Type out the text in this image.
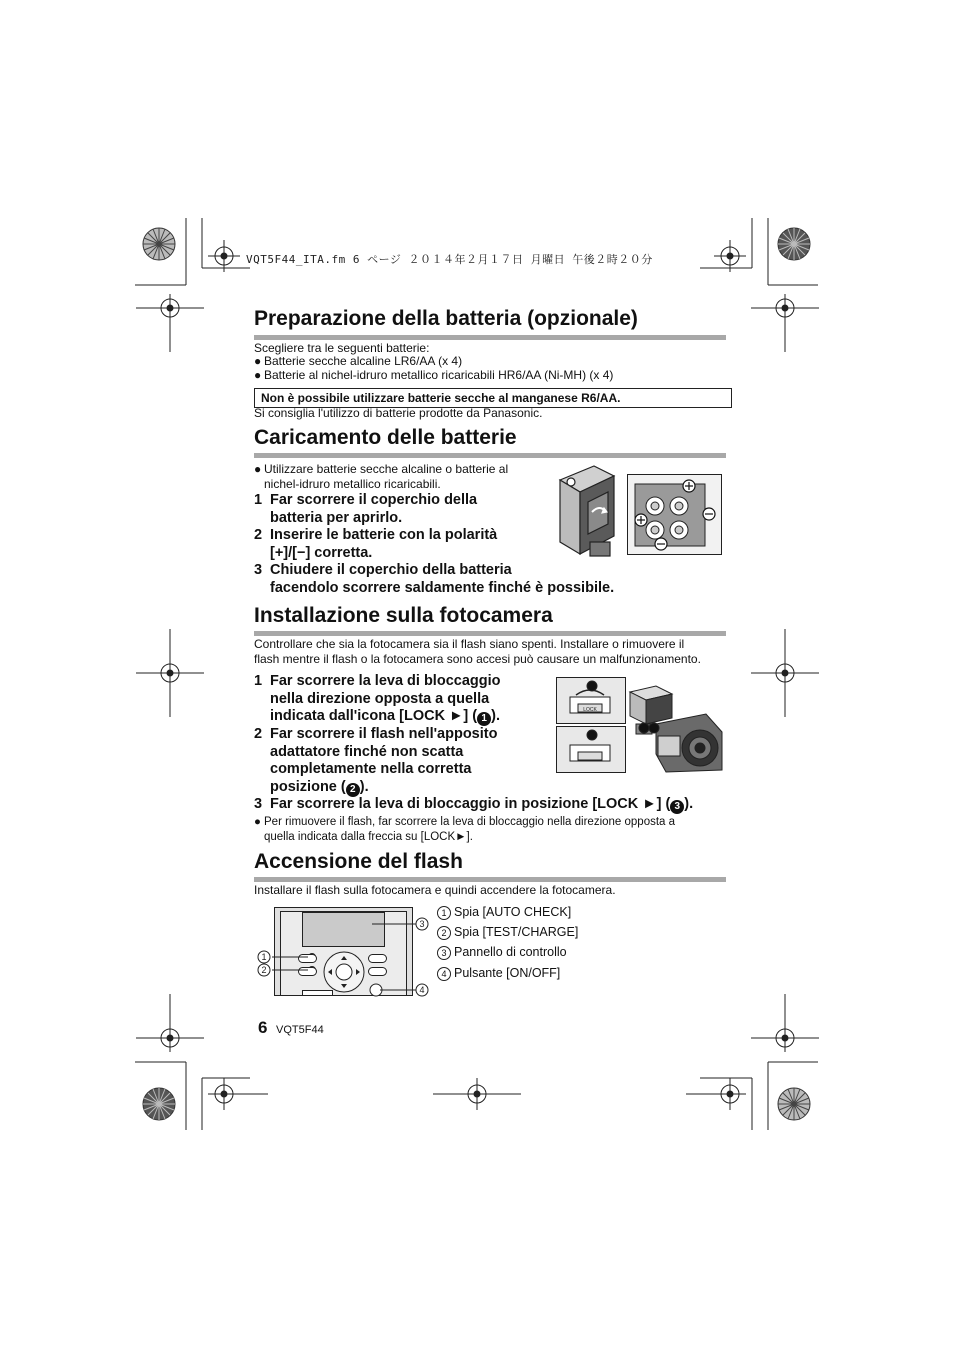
VQT5F44_ITA.fm 6 ページ ２０１４年２月１７日 月曜日 午後２時２０分
Preparazione della batteria (opzionale)
Scegliere tra le seguenti batterie:
● Batterie secche alcaline LR6/AA (x 4)
● Batterie al nichel-idruro metallico ricaricabili HR6/AA (Ni-MH) (x 4)
Non è possibile utilizzare batterie secche al manganese R6/AA.
Si consiglia l'utilizzo di batterie prodotte da Panasonic.
Caricamento delle batterie
● Utilizzare batterie secche alcaline o batterie al
nichel-idruro metallico ricaricabili.
1 Far scorrere il coperchio della
batteria per aprirlo.
2 Inserire le batterie con la polarità
[+]/[−] corretta.
3 Chiudere il coperchio della batteria
facendolo scorrere saldamente finché è possibile.
Installazione sulla fotocamera
Controllare che sia la fotocamera sia il flash siano spenti. Installare o rimuovere il
flash mentre il flash o la fotocamera sono accesi può causare un malfunzionamento.
1 Far scorrere la leva di bloccaggio
nella direzione opposta a quella
indicata dall'icona [LOCK ►] ( 1 ).
2 Far scorrere il flash nell'apposito
adattatore finché non scatta
completamente nella corretta
posizione ( 2 ).
3 Far scorrere la leva di bloccaggio in posizione [LOCK ►] ( 3 ).
● Per rimuovere il flash, far scorrere la leva di bloccaggio nella direzione opposta a
quella indicata dalla freccia su [LOCK►].
LOCK
Accensione del flash
Installare il flash sulla fotocamera e quindi accendere la fotocamera.
1
2
3
4
1 Spia [AUTO CHECK]
2 Spia [TEST/CHARGE]
3 Pannello di controllo
4 Pulsante [ON/OFF]
6 VQT5F44
